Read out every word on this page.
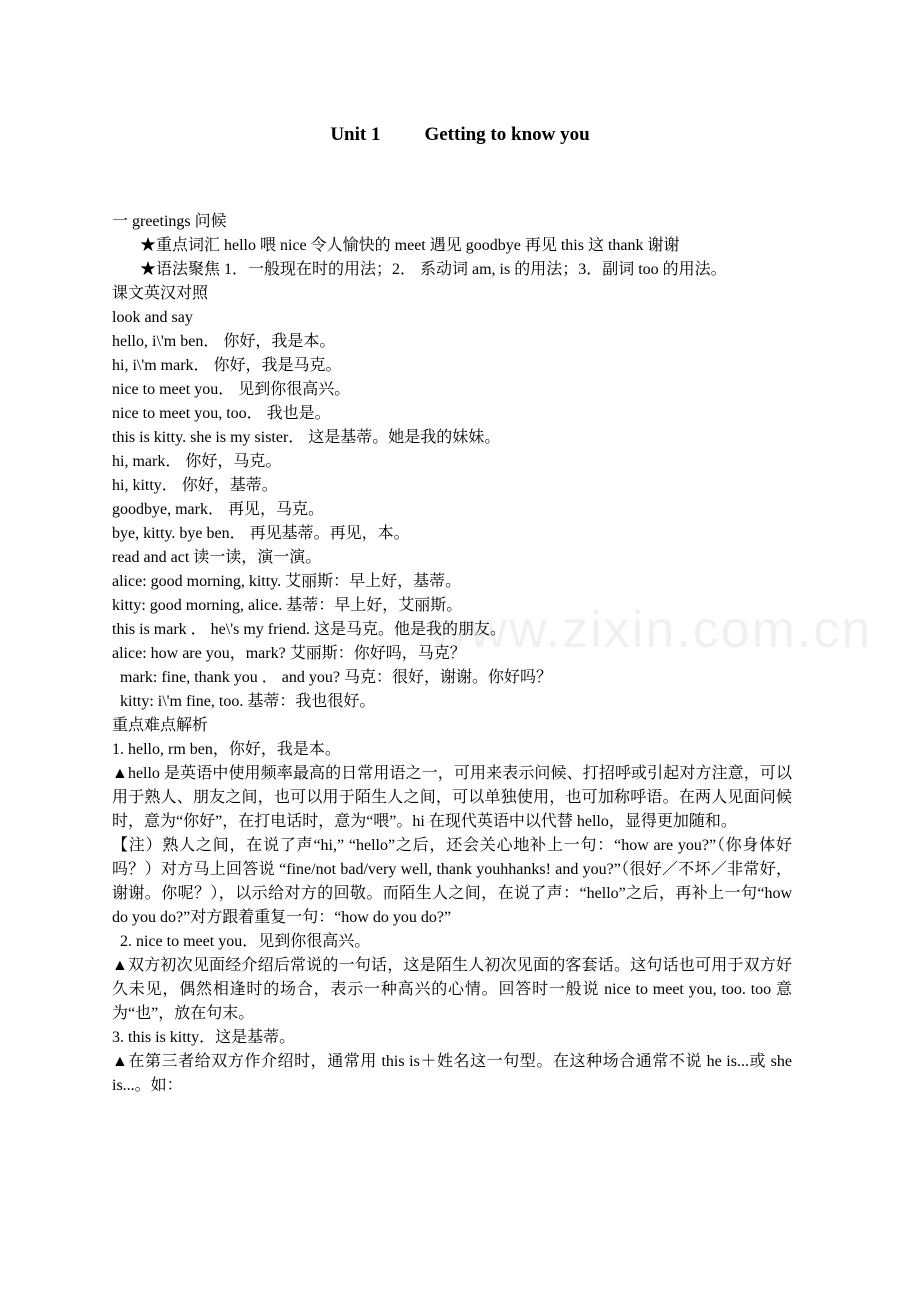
www.zixin.com.cn
Unit 1 Getting to know you

一 greetings 问候

★重点词汇 hello 喂 nice 令人愉快的 meet 遇见 goodbye 再见 this 这 thank 谢谢

★语法聚焦 1．一般现在时的用法；2． 系动词 am, is 的用法；3．副词 too 的用法。

课文英汉对照

look and say

hello, i\'m ben． 你好，我是本。

hi, i\'m mark． 你好，我是马克。

nice to meet you． 见到你很高兴。

nice to meet you, too． 我也是。

this is kitty. she is my sister． 这是基蒂。她是我的妹妹。

hi, mark． 你好，马克。

hi, kitty． 你好，基蒂。

goodbye, mark． 再见，马克。

bye, kitty. bye ben． 再见基蒂。再见，本。

read and act 读一读，演一演。

alice: good morning, kitty. 艾丽斯：早上好，基蒂。

kitty: good morning, alice. 基蒂：早上好，艾丽斯。

this is mark ． he\'s my friend. 这是马克。他是我的朋友。

alice: how are you，mark? 艾丽斯：你好吗，马克？

mark: fine, thank you ． and you? 马克：很好，谢谢。你好吗？

kitty: i\'m fine, too. 基蒂：我也很好。

重点难点解析

1. hello, rm ben，你好，我是本。

▲hello 是英语中使用频率最高的日常用语之一，可用来表示问候、打招呼或引起对方注意，可以用于熟人、朋友之间，也可以用于陌生人之间，可以单独使用，也可加称呼语。在两人见面问候时，意为“你好”，在打电话时，意为“喂”。hi 在现代英语中以代替 hello，显得更加随和。

【注）熟人之间，在说了声“hi,” “hello”之后，还会关心地补上一句：“how are you?”（你身体好吗？）对方马上回答说 “fine/not bad/very well, thank youhhanks! and you?”（很好／不坏／非常好，谢谢。你呢？），以示给对方的回敬。而陌生人之间，在说了声：“hello”之后，再补上一句“how do you do?”对方跟着重复一句：“how do you do?”

2. nice to meet you．见到你很高兴。

▲双方初次见面经介绍后常说的一句话，这是陌生人初次见面的客套话。这句话也可用于双方好久未见，偶然相逢时的场合，表示一种高兴的心情。回答时一般说 nice to meet you, too. too 意为“也”，放在句末。

3. this is kitty．这是基蒂。

▲在第三者给双方作介绍时，通常用 this is＋姓名这一句型。在这种场合通常不说 he is...或 she is...。如：
